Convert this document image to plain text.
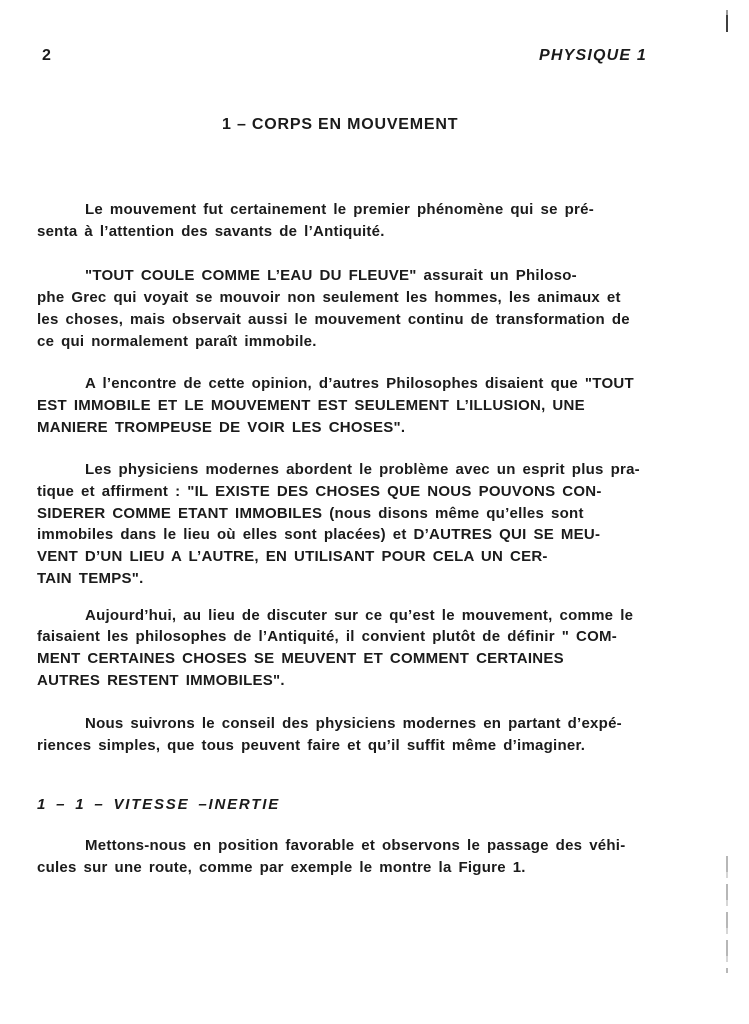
2	PHYSIQUE 1
1 – CORPS EN MOUVEMENT
Le mouvement fut certainement le premier phénomène qui se pré-
senta à l’attention des savants de l’Antiquité.
"TOUT COULE COMME L’EAU DU FLEUVE" assurait un Philoso-
phe Grec qui voyait se mouvoir non seulement les hommes, les animaux et
les choses, mais observait aussi le mouvement continu de transformation de
ce qui normalement paraît immobile.
A l’encontre de cette opinion, d’autres Philosophes disaient que "TOUT
EST IMMOBILE ET LE MOUVEMENT EST SEULEMENT L’ILLUSION, UNE
MANIERE TROMPEUSE DE VOIR LES CHOSES".
Les physiciens modernes abordent le problème avec un esprit plus pra-
tique et affirment : "IL EXISTE DES CHOSES QUE NOUS POUVONS CON-
SIDERER COMME ETANT IMMOBILES (nous disons même qu’elles sont
immobiles dans le lieu où elles sont placées) et D’AUTRES QUI SE MEU-
VENT D’UN LIEU A L’AUTRE, EN UTILISANT POUR CELA UN CER-
TAIN TEMPS".
Aujourd’hui, au lieu de discuter sur ce qu’est le mouvement, comme le
faisaient les philosophes de l’Antiquité, il convient plutôt de définir " COM-
MENT CERTAINES CHOSES SE MEUVENT ET COMMENT CERTAINES
AUTRES RESTENT IMMOBILES".
Nous suivrons le conseil des physiciens modernes en partant d’expé-
riences simples, que tous peuvent faire et qu’il suffit même d’imaginer.
1 – 1 – VITESSE –INERTIE
Mettons-nous en position favorable et observons le passage des véhi-
cules sur une route, comme par exemple le montre la Figure 1.
